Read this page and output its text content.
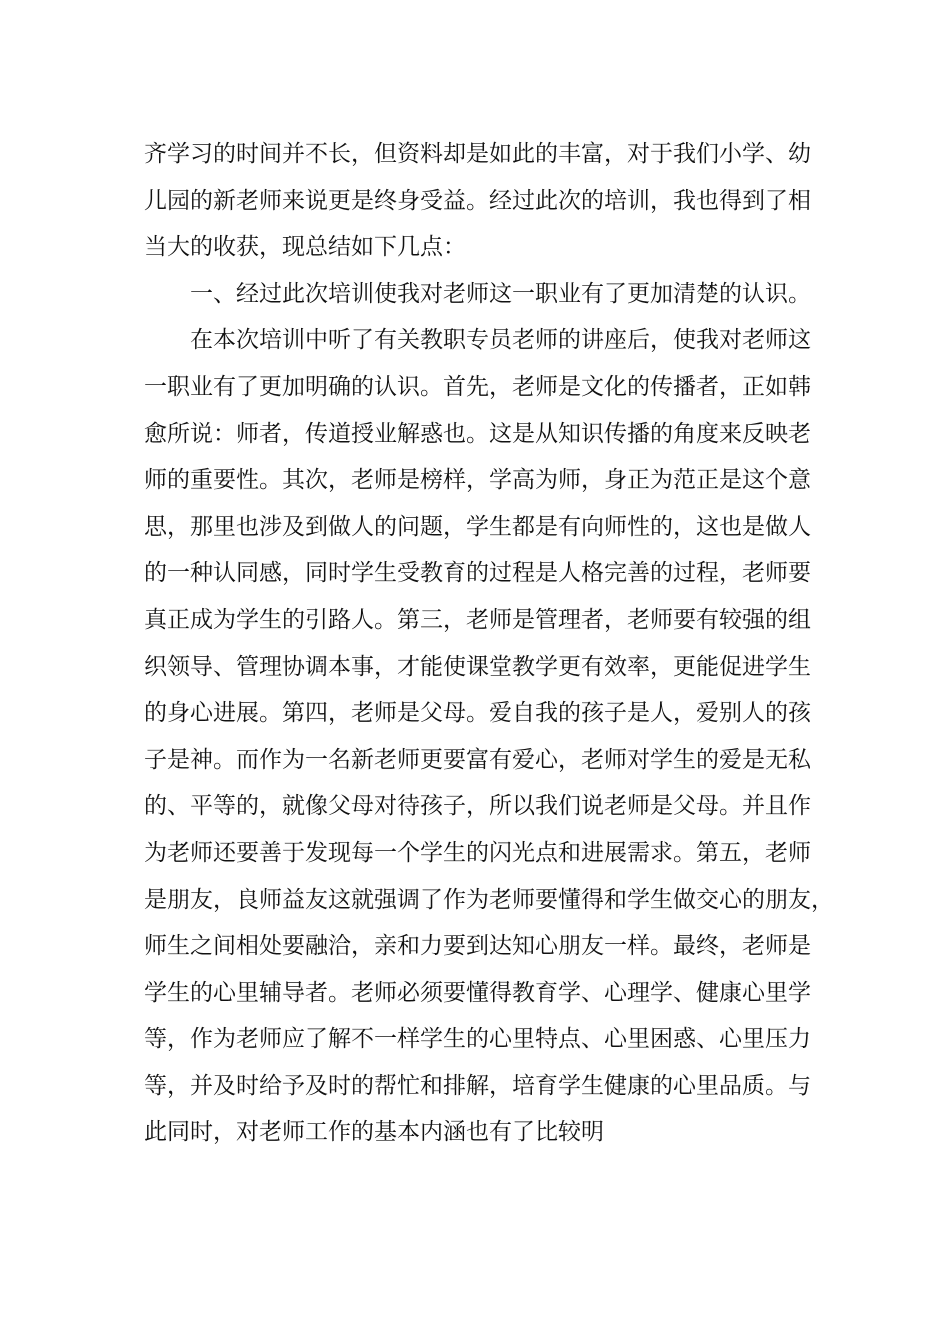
齐学习的时间并不长，但资料却是如此的丰富，对于我们小学、幼
儿园的新老师来说更是终身受益。经过此次的培训，我也得到了相
当大的收获，现总结如下几点：
一、经过此次培训使我对老师这一职业有了更加清楚的认识。
在本次培训中听了有关教职专员老师的讲座后，使我对老师这
一职业有了更加明确的认识。首先，老师是文化的传播者，正如韩
愈所说：师者，传道授业解惑也。这是从知识传播的角度来反映老
师的重要性。其次，老师是榜样，学高为师，身正为范正是这个意
思，那里也涉及到做人的问题，学生都是有向师性的，这也是做人
的一种认同感，同时学生受教育的过程是人格完善的过程，老师要
真正成为学生的引路人。第三，老师是管理者，老师要有较强的组
织领导、管理协调本事，才能使课堂教学更有效率，更能促进学生
的身心进展。第四，老师是父母。爱自我的孩子是人，爱别人的孩
子是神。而作为一名新老师更要富有爱心，老师对学生的爱是无私
的、平等的，就像父母对待孩子，所以我们说老师是父母。并且作
为老师还要善于发现每一个学生的闪光点和进展需求。第五，老师
是朋友，良师益友这就强调了作为老师要懂得和学生做交心的朋友，
师生之间相处要融洽，亲和力要到达知心朋友一样。最终，老师是
学生的心里辅导者。老师必须要懂得教育学、心理学、健康心里学
等，作为老师应了解不一样学生的心里特点、心里困惑、心里压力
等，并及时给予及时的帮忙和排解，培育学生健康的心里品质。与
此同时，对老师工作的基本内涵也有了比较明
